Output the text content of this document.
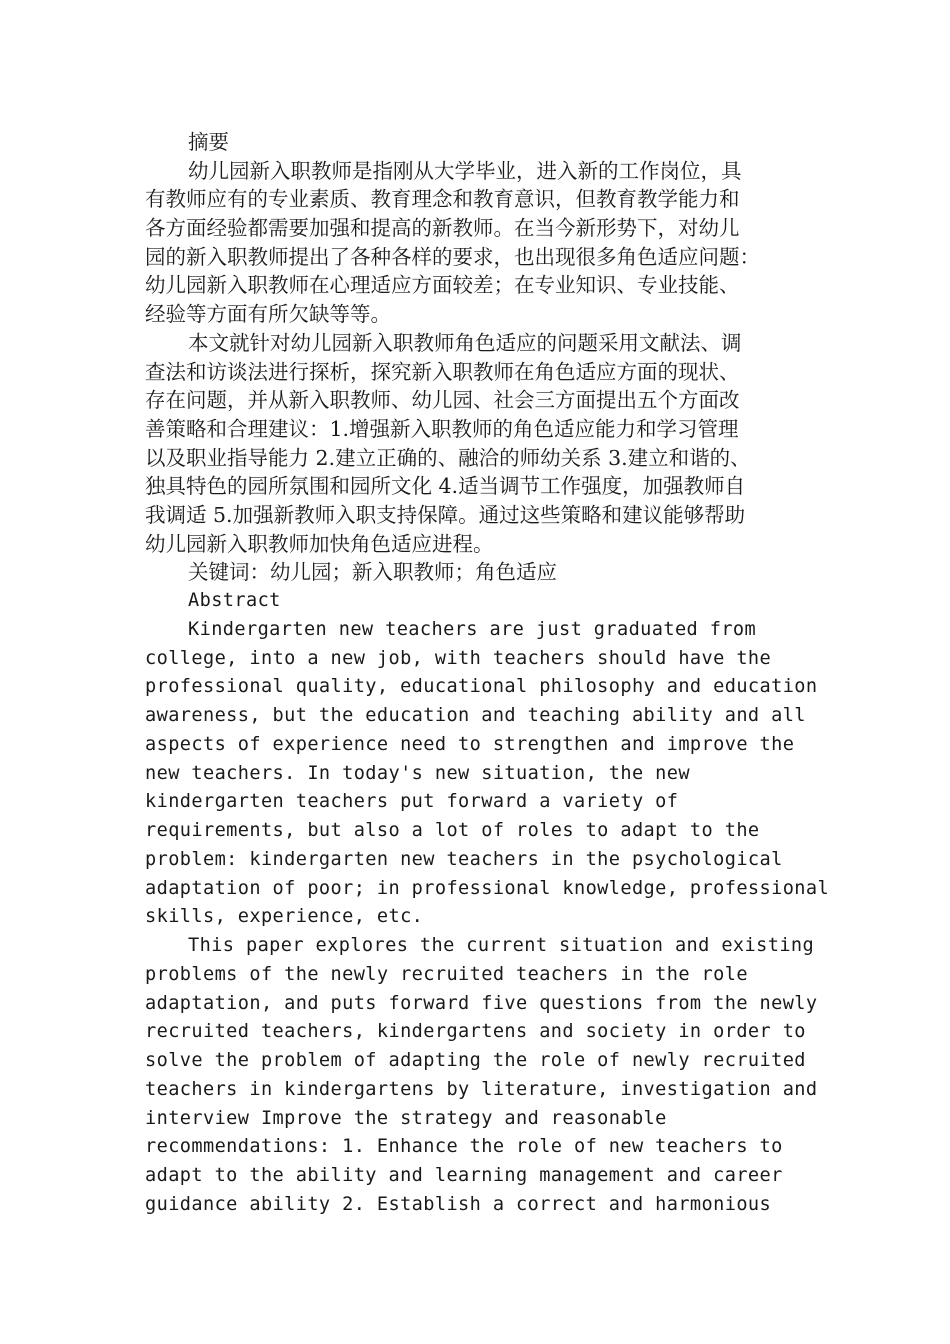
摘要
幼儿园新入职教师是指刚从大学毕业，进入新的工作岗位，具
有教师应有的专业素质、教育理念和教育意识，但教育教学能力和
各方面经验都需要加强和提高的新教师。在当今新形势下，对幼儿
园的新入职教师提出了各种各样的要求，也出现很多角色适应问题：
幼儿园新入职教师在心理适应方面较差；在专业知识、专业技能、
经验等方面有所欠缺等等。
本文就针对幼儿园新入职教师角色适应的问题采用文献法、调
查法和访谈法进行探析，探究新入职教师在角色适应方面的现状、
存在问题，并从新入职教师、幼儿园、社会三方面提出五个方面改
善策略和合理建议：1.增强新入职教师的角色适应能力和学习管理
以及职业指导能力 2.建立正确的、融洽的师幼关系 3.建立和谐的、
独具特色的园所氛围和园所文化 4.适当调节工作强度，加强教师自
我调适 5.加强新教师入职支持保障。通过这些策略和建议能够帮助
幼儿园新入职教师加快角色适应进程。
关键词：幼儿园；新入职教师；角色适应
Abstract
Kindergarten new teachers are just graduated from
college, into a new job, with teachers should have the
professional quality, educational philosophy and education
awareness, but the education and teaching ability and all
aspects of experience need to strengthen and improve the
new teachers. In today's new situation, the new
kindergarten teachers put forward a variety of
requirements, but also a lot of roles to adapt to the
problem: kindergarten new teachers in the psychological
adaptation of poor; in professional knowledge, professional
skills, experience, etc.
This paper explores the current situation and existing
problems of the newly recruited teachers in the role
adaptation, and puts forward five questions from the newly
recruited teachers, kindergartens and society in order to
solve the problem of adapting the role of newly recruited
teachers in kindergartens by literature, investigation and
interview Improve the strategy and reasonable
recommendations: 1. Enhance the role of new teachers to
adapt to the ability and learning management and career
guidance ability 2. Establish a correct and harmonious
